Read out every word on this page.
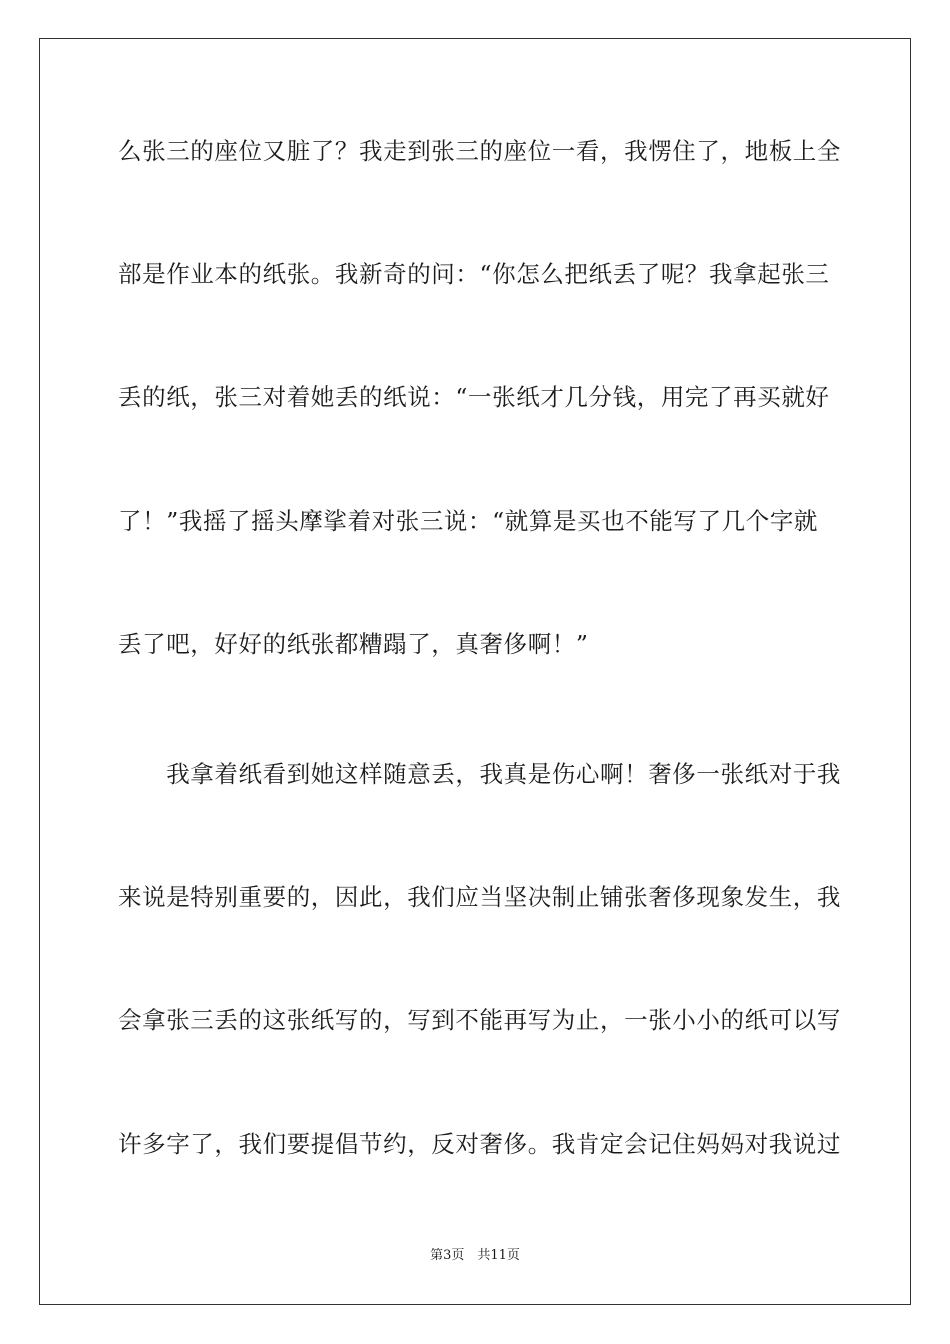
么张三的座位又脏了？我走到张三的座位一看，我愣住了，地板上全
部是作业本的纸张。我新奇的问：“你怎么把纸丢了呢？我拿起张三
丢的纸，张三对着她丢的纸说：“一张纸才几分钱，用完了再买就好
了！”我摇了摇头摩挲着对张三说：“就算是买也不能写了几个字就
丢了吧，好好的纸张都糟蹋了，真奢侈啊！”
　　我拿着纸看到她这样随意丢，我真是伤心啊！奢侈一张纸对于我
来说是特别重要的，因此，我们应当坚决制止铺张奢侈现象发生，我
会拿张三丢的这张纸写的，写到不能再写为止，一张小小的纸可以写
许多字了，我们要提倡节约，反对奢侈。我肯定会记住妈妈对我说过
第3页　共11页
